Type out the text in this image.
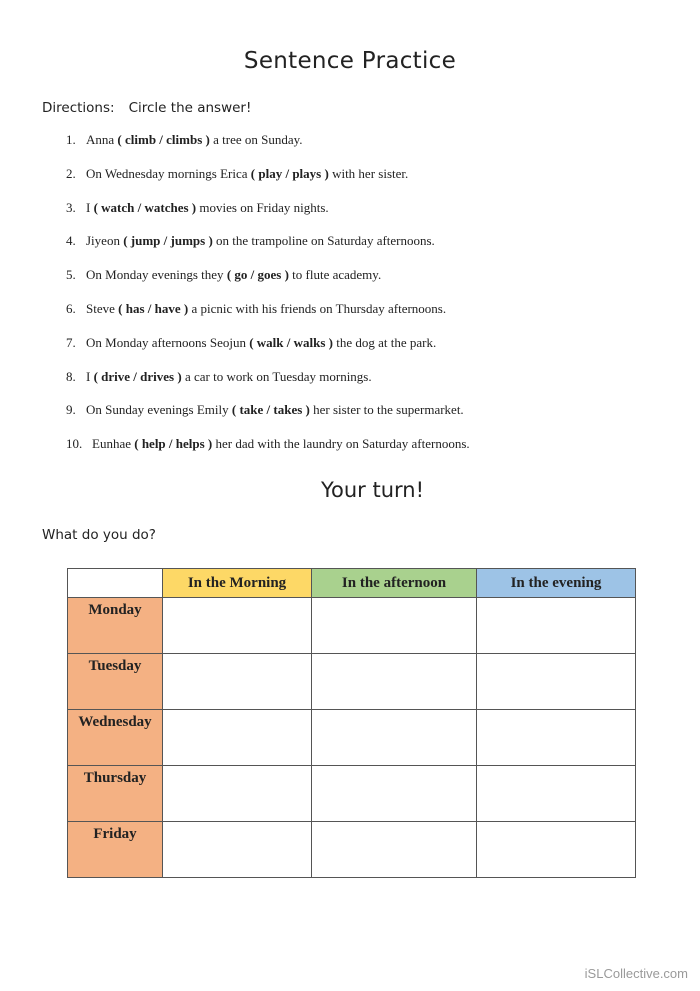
Sentence Practice
Directions: Circle the answer!
1. Anna ( climb / climbs ) a tree on Sunday.
2. On Wednesday mornings Erica ( play / plays ) with her sister.
3. I ( watch / watches ) movies on Friday nights.
4. Jiyeon ( jump / jumps ) on the trampoline on Saturday afternoons.
5. On Monday evenings they ( go / goes ) to flute academy.
6. Steve ( has / have ) a picnic with his friends on Thursday afternoons.
7. On Monday afternoons Seojun ( walk / walks ) the dog at the park.
8. I ( drive / drives ) a car to work on Tuesday mornings.
9. On Sunday evenings Emily ( take / takes ) her sister to the supermarket.
10. Eunhae ( help / helps ) her dad with the laundry on Saturday afternoons.
Your turn!
What do you do?
	In the Morning	In the afternoon	In the evening
Monday			
Tuesday			
Wednesday			
Thursday			
Friday			
iSLCollective.com
